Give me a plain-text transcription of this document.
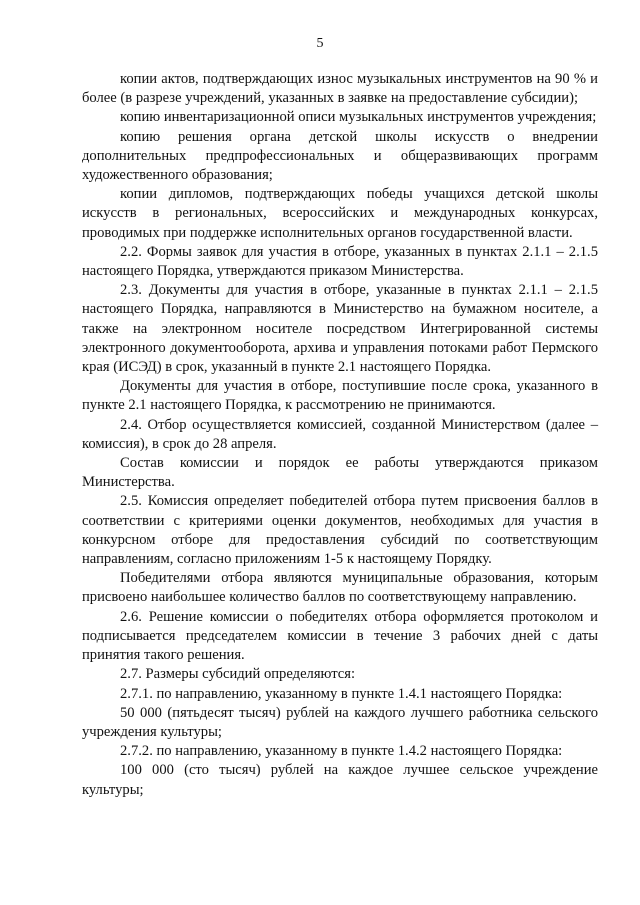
5

копии актов, подтверждающих износ музыкальных инструментов на 90 % и более (в разрезе учреждений, указанных в заявке на предоставление субсидии);

копию инвентаризационной описи музыкальных инструментов учреждения;

копию решения органа детской школы искусств о внедрении дополнительных предпрофессиональных и общеразвивающих программ художественного образования;

копии дипломов, подтверждающих победы учащихся детской школы искусств в региональных, всероссийских и международных конкурсах, проводимых при поддержке исполнительных органов государственной власти.

2.2. Формы заявок для участия в отборе, указанных в пунктах 2.1.1 – 2.1.5 настоящего Порядка, утверждаются приказом Министерства.

2.3. Документы для участия в отборе, указанные в пунктах 2.1.1 – 2.1.5 настоящего Порядка, направляются в Министерство на бумажном носителе, а также на электронном носителе посредством Интегрированной системы электронного документооборота, архива и управления потоками работ Пермского края (ИСЭД) в срок, указанный в пункте 2.1 настоящего Порядка.

Документы для участия в отборе, поступившие после срока, указанного в пункте 2.1 настоящего Порядка, к рассмотрению не принимаются.

2.4. Отбор осуществляется комиссией, созданной Министерством (далее – комиссия), в срок до 28 апреля.

Состав комиссии и порядок ее работы утверждаются приказом Министерства.

2.5. Комиссия определяет победителей отбора путем присвоения баллов в соответствии с критериями оценки документов, необходимых для участия в конкурсном отборе для предоставления субсидий по соответствующим направлениям, согласно приложениям 1-5 к настоящему Порядку.

Победителями отбора являются муниципальные образования, которым присвоено наибольшее количество баллов по соответствующему направлению.

2.6. Решение комиссии о победителях отбора оформляется протоколом и подписывается председателем комиссии в течение 3 рабочих дней с даты принятия такого решения.

2.7. Размеры субсидий определяются:

2.7.1. по направлению, указанному в пункте 1.4.1 настоящего Порядка:

50 000 (пятьдесят тысяч) рублей на каждого лучшего работника сельского учреждения культуры;

2.7.2. по направлению, указанному в пункте 1.4.2 настоящего Порядка:

100 000 (сто тысяч) рублей на каждое лучшее сельское учреждение культуры;
